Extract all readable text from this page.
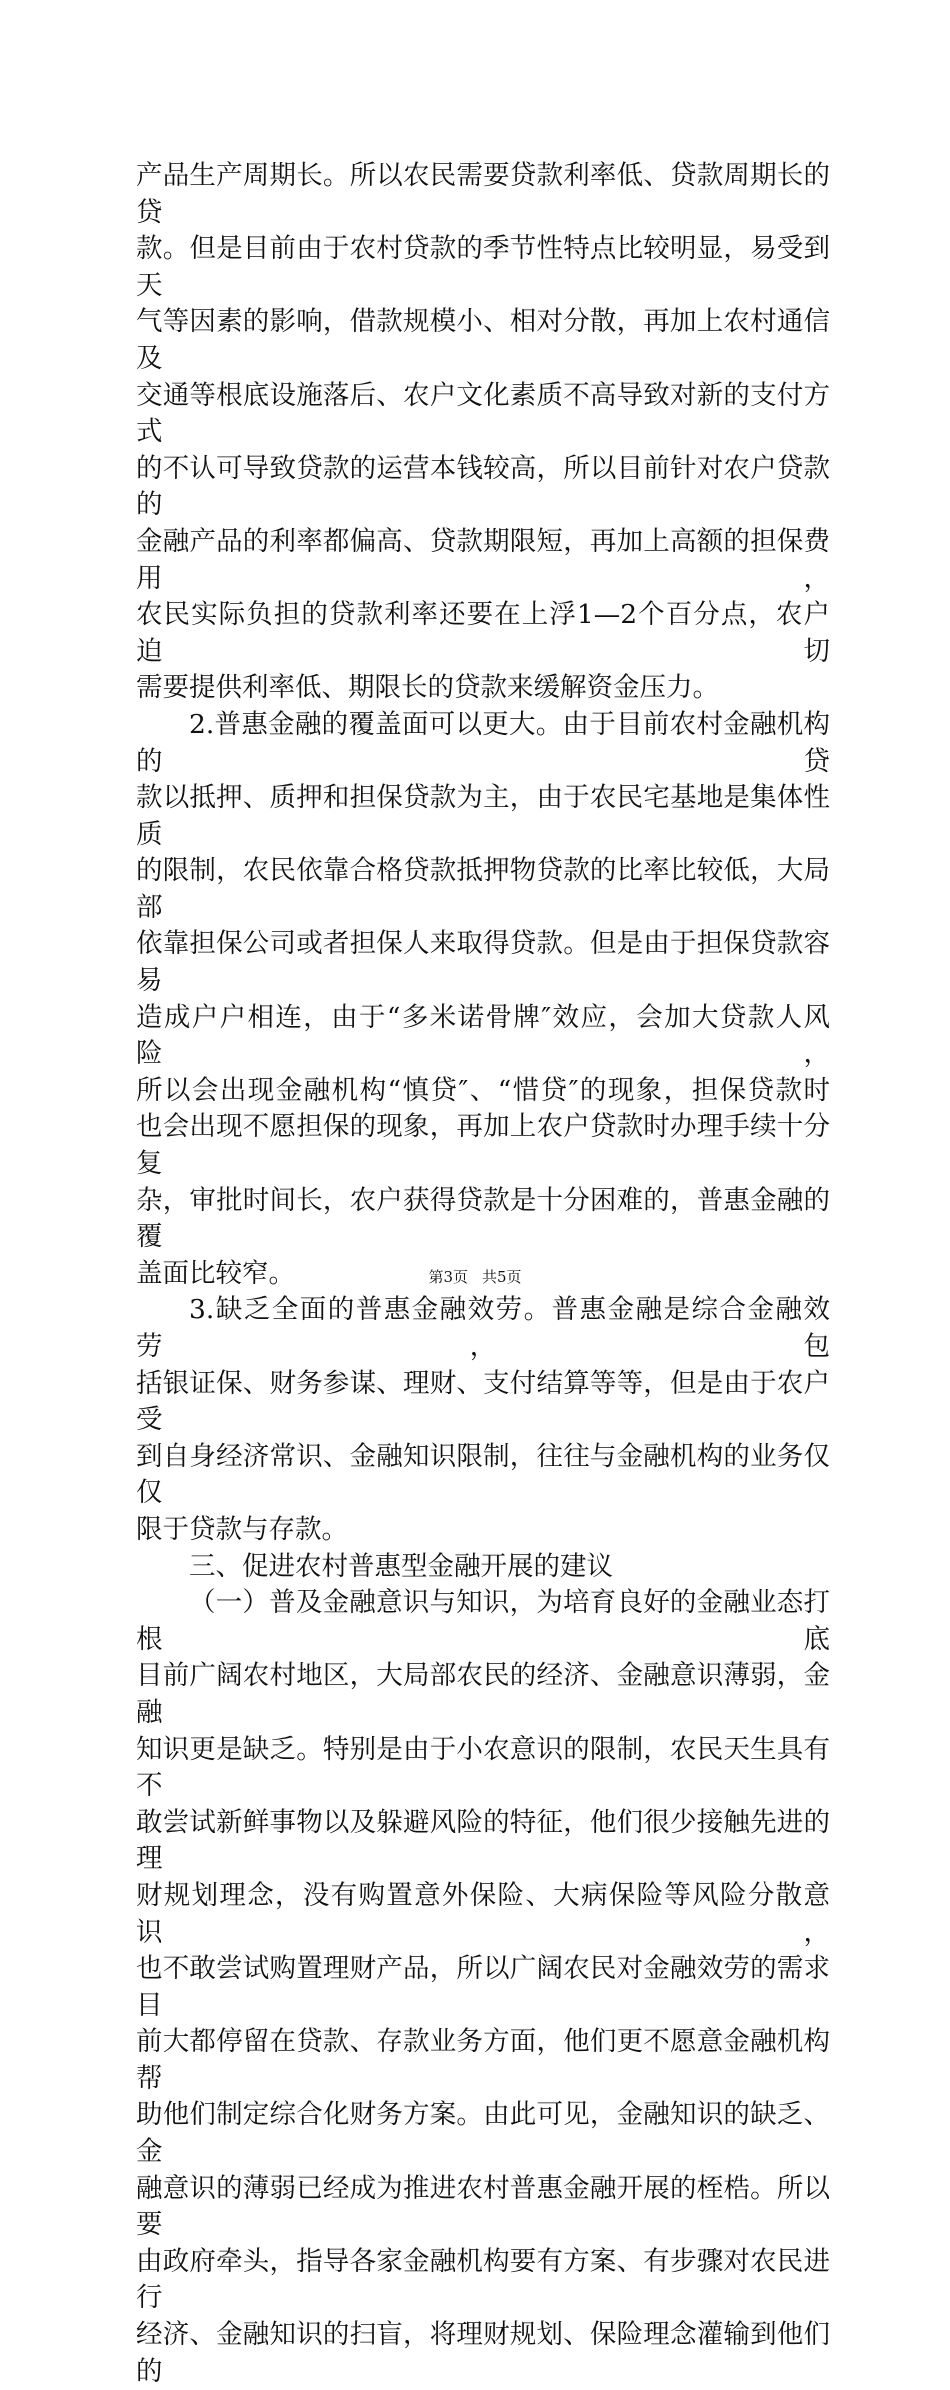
产品生产周期长。所以农民需要贷款利率低、贷款周期长的贷
款。但是目前由于农村贷款的季节性特点比较明显，易受到天
气等因素的影响，借款规模小、相对分散，再加上农村通信及
交通等根底设施落后、农户文化素质不高导致对新的支付方式
的不认可导致贷款的运营本钱较高，所以目前针对农户贷款的
金融产品的利率都偏高、贷款期限短，再加上高额的担保费用，
农民实际负担的贷款利率还要在上浮1—2个百分点，农户迫切
需要提供利率低、期限长的贷款来缓解资金压力。

2.普惠金融的覆盖面可以更大。由于目前农村金融机构的贷
款以抵押、质押和担保贷款为主，由于农民宅基地是集体性质
的限制，农民依靠合格贷款抵押物贷款的比率比较低，大局部
依靠担保公司或者担保人来取得贷款。但是由于担保贷款容易
造成户户相连，由于“多米诺骨牌″效应，会加大贷款人风险，
所以会出现金融机构“慎贷″、“惜贷″的现象，担保贷款时
也会出现不愿担保的现象，再加上农户贷款时办理手续十分复
杂，审批时间长，农户获得贷款是十分困难的，普惠金融的覆
盖面比较窄。

3.缺乏全面的普惠金融效劳。普惠金融是综合金融效劳，包
括银证保、财务参谋、理财、支付结算等等，但是由于农户受
到自身经济常识、金融知识限制，往往与金融机构的业务仅仅
限于贷款与存款。

三、促进农村普惠型金融开展的建议

（一）普及金融意识与知识，为培育良好的金融业态打根底
目前广阔农村地区，大局部农民的经济、金融意识薄弱，金融
知识更是缺乏。特别是由于小农意识的限制，农民天生具有不
敢尝试新鲜事物以及躲避风险的特征，他们很少接触先进的理
财规划理念，没有购置意外保险、大病保险等风险分散意识，
也不敢尝试购置理财产品，所以广阔农民对金融效劳的需求目
前大都停留在贷款、存款业务方面，他们更不愿意金融机构帮
助他们制定综合化财务方案。由此可见，金融知识的缺乏、金
融意识的薄弱已经成为推进农村普惠金融开展的桎梏。所以要
由政府牵头，指导各家金融机构要有方案、有步骤对农民进行
经济、金融知识的扫盲，将理财规划、保险理念灌输到他们的

第3页 共5页
